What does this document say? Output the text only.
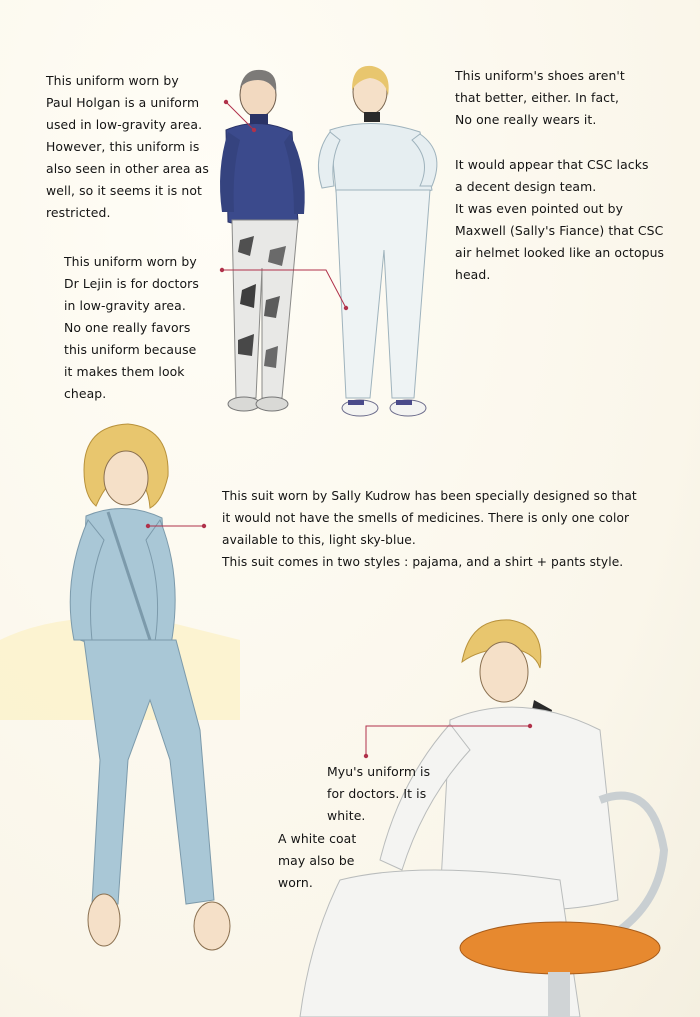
This uniform worn by
Paul Holgan is a uniform
used in low-gravity area.
However, this uniform is
also seen in other area as
well, so it seems it is not
restricted.
This uniform worn by
Dr Lejin is for doctors
in low-gravity area.
No one really favors
this uniform because
it makes them look
cheap.
This uniform's shoes aren't
that better, either. In fact,
No one really wears it.
It would appear that CSC lacks
a decent design team.
It was even pointed out by
Maxwell (Sally's Fiance) that CSC
air helmet looked like an octopus
head.
This suit worn by Sally Kudrow has been specially designed so that
it would not have the smells of medicines. There is only one color
available to this, light sky-blue.
This suit comes in two styles : pajama, and a shirt + pants style.
Myu's uniform is
for doctors. It is
white.
A white coat
may also be
worn.
